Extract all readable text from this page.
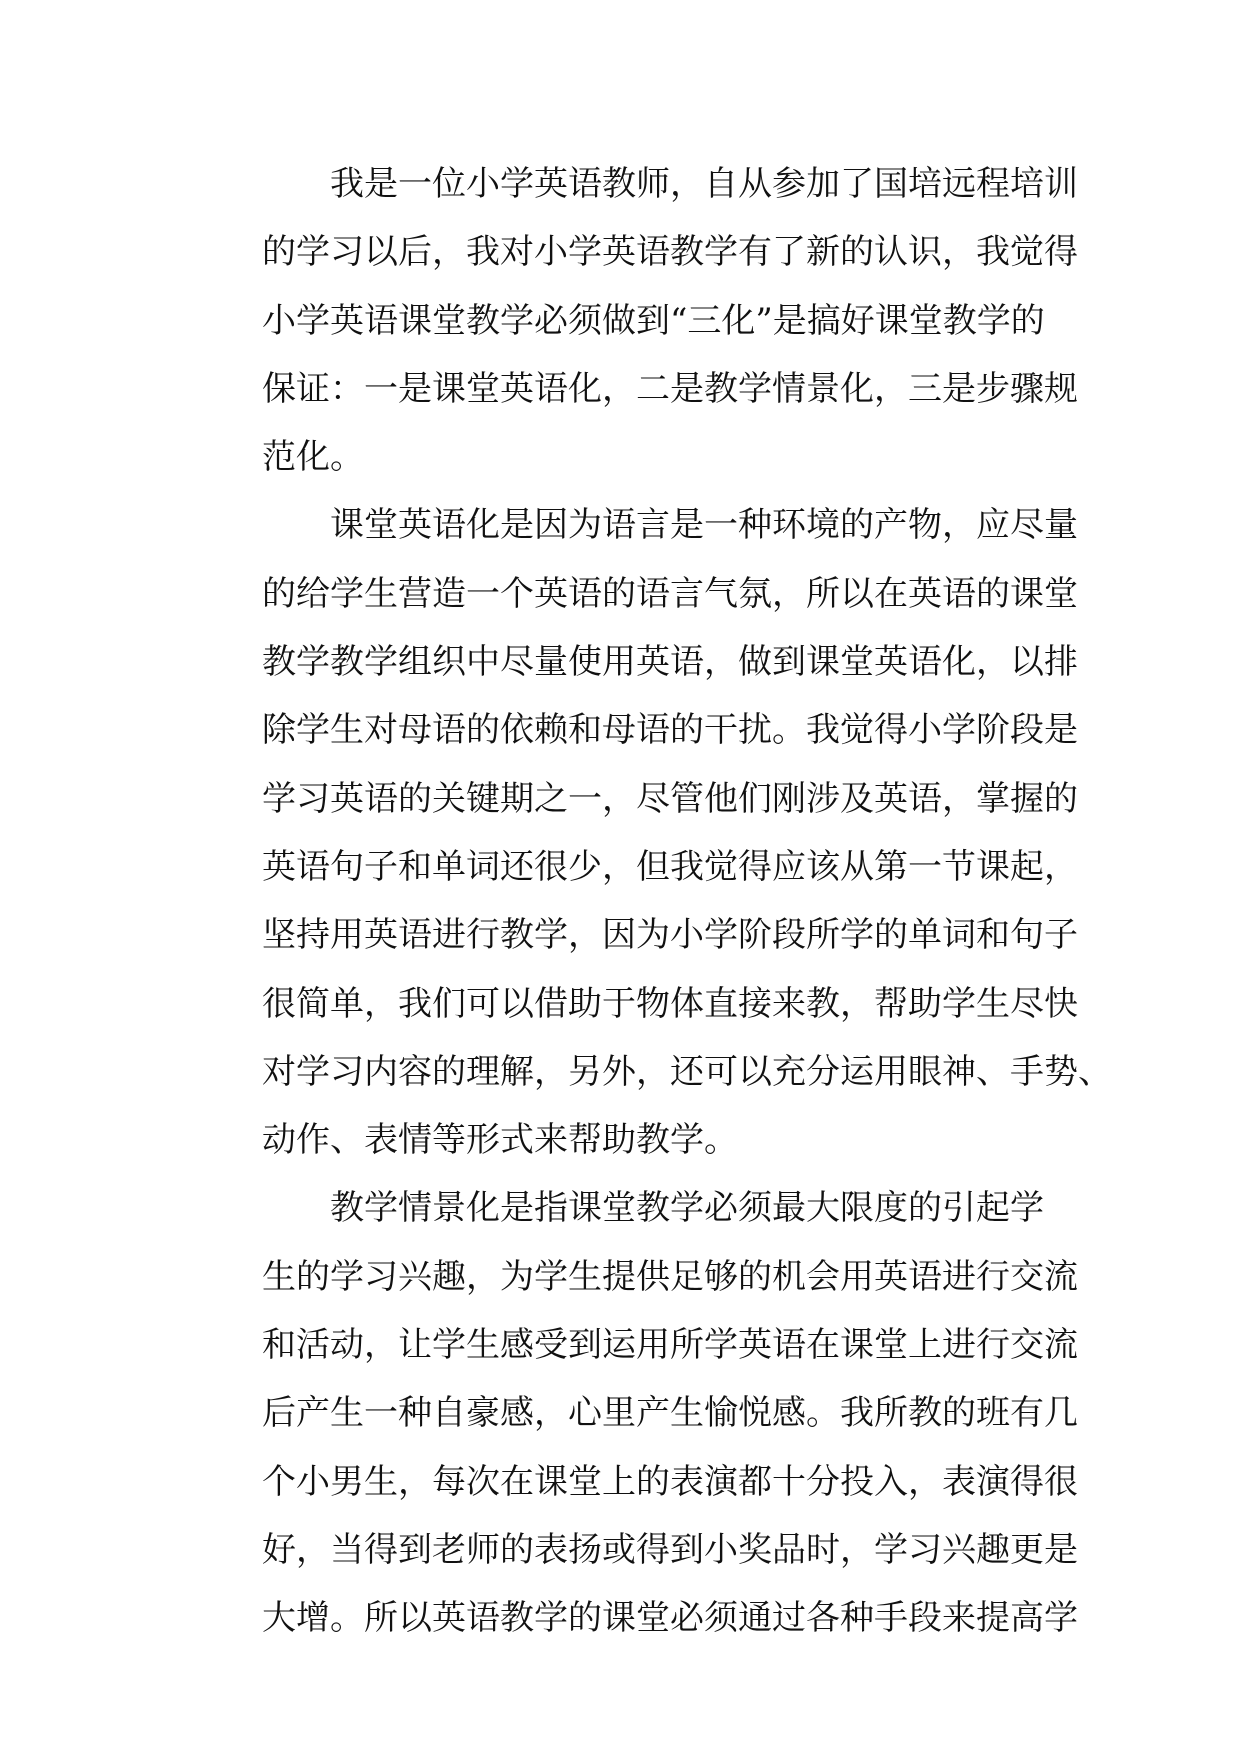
我是一位小学英语教师，自从参加了国培远程培训
的学习以后，我对小学英语教学有了新的认识，我觉得
小学英语课堂教学必须做到“三化”是搞好课堂教学的
保证：一是课堂英语化，二是教学情景化，三是步骤规
范化。

课堂英语化是因为语言是一种环境的产物，应尽量
的给学生营造一个英语的语言气氛，所以在英语的课堂
教学教学组织中尽量使用英语，做到课堂英语化，以排
除学生对母语的依赖和母语的干扰。我觉得小学阶段是
学习英语的关键期之一，尽管他们刚涉及英语，掌握的
英语句子和单词还很少，但我觉得应该从第一节课起，
坚持用英语进行教学，因为小学阶段所学的单词和句子
很简单，我们可以借助于物体直接来教，帮助学生尽快
对学习内容的理解，另外，还可以充分运用眼神、手势、
动作、表情等形式来帮助教学。

教学情景化是指课堂教学必须最大限度的引起学
生的学习兴趣，为学生提供足够的机会用英语进行交流
和活动，让学生感受到运用所学英语在课堂上进行交流
后产生一种自豪感，心里产生愉悦感。我所教的班有几
个小男生，每次在课堂上的表演都十分投入，表演得很
好，当得到老师的表扬或得到小奖品时，学习兴趣更是
大增。所以英语教学的课堂必须通过各种手段来提高学
